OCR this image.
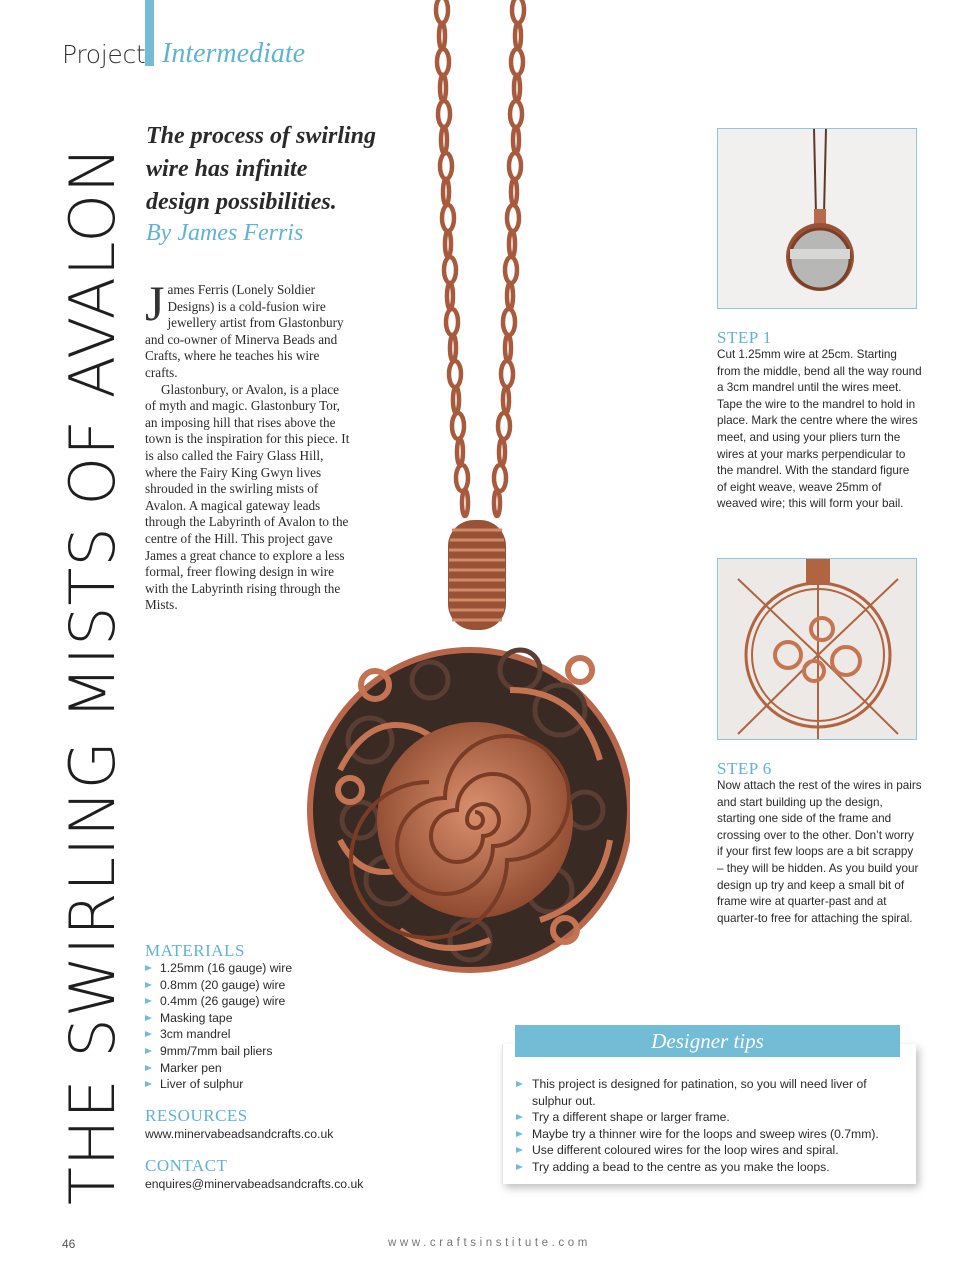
Project Intermediate
THE SWIRLING MISTS OF AVALON
The process of swirling wire has infinite design possibilities.
By James Ferris

James Ferris (Lonely Soldier Designs) is a cold-fusion wire jewellery artist from Glastonbury and co-owner of Minerva Beads and Crafts, where he teaches his wire crafts.

Glastonbury, or Avalon, is a place of myth and magic. Glastonbury Tor, an imposing hill that rises above the town is the inspiration for this piece. It is also called the Fairy Glass Hill, where the Fairy King Gwyn lives shrouded in the swirling mists of Avalon. A magical gateway leads through the Labyrinth of Avalon to the centre of the Hill. This project gave James a great chance to explore a less formal, freer flowing design in wire with the Labyrinth rising through the Mists.

STEP 1
Cut 1.25mm wire at 25cm. Starting from the middle, bend all the way round a 3cm mandrel until the wires meet. Tape the wire to the mandrel to hold in place. Mark the centre where the wires meet, and using your pliers turn the wires at your marks perpendicular to the mandrel. With the standard figure of eight weave, weave 25mm of weaved wire; this will form your bail.
STEP 6
Now attach the rest of the wires in pairs and start building up the design, starting one side of the frame and crossing over to the other. Don’t worry if your first few loops are a bit scrappy – they will be hidden. As you build your design up try and keep a small bit of frame wire at quarter-past and at quarter-to free for attaching the spiral.
MATERIALS
1.25mm (16 gauge) wire
0.8mm (20 gauge) wire
0.4mm (26 gauge) wire
Masking tape
3cm mandrel
9mm/7mm bail pliers
Marker pen
Liver of sulphur
RESOURCES
www.minervabeadsandcrafts.co.uk
CONTACT
enquires@minervabeadsandcrafts.co.uk
Designer tips
This project is designed for patination, so you will need liver of sulphur out.
Try a different shape or larger frame.
Maybe try a thinner wire for the loops and sweep wires (0.7mm).
Use different coloured wires for the loop wires and spiral.
Try adding a bead to the centre as you make the loops.
46	www.craftsinstitute.com
